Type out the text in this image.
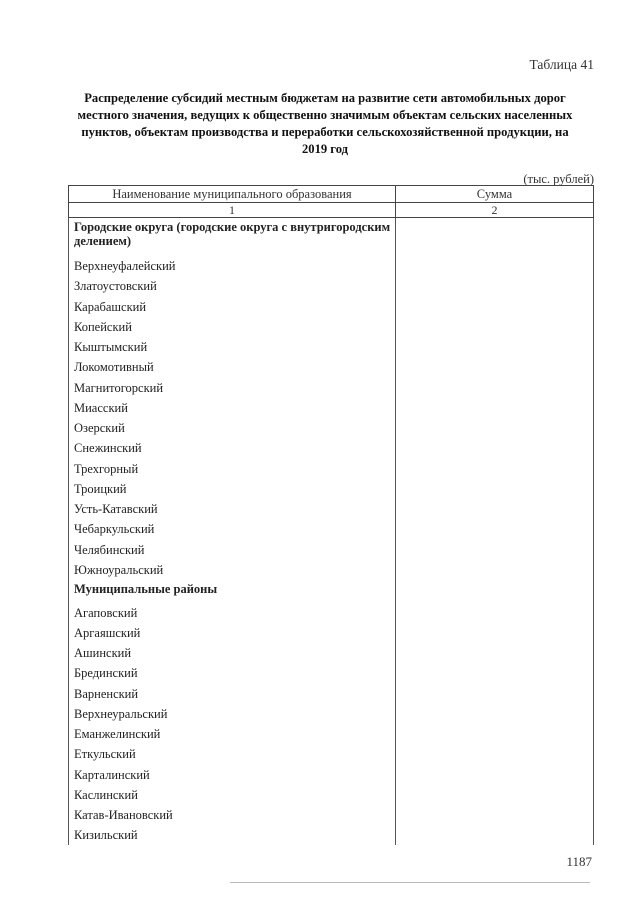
Таблица 41
Распределение субсидий местным бюджетам на развитие сети автомобильных дорог местного значения, ведущих к общественно значимым объектам сельских населенных пунктов, объектам производства и переработки сельскохозяйственной продукции, на 2019 год
(тыс. рублей)
Наименование муниципального образования	Сумма
1	2
Городские округа (городские округа с внутригородским делением)	
Верхнеуфалейский	
Златоустовский	
Карабашский	
Копейский	
Кыштымский	
Локомотивный	
Магнитогорский	
Миасский	
Озерский	
Снежинский	
Трехгорный	
Троицкий	
Усть-Катавский	
Чебаркульский	
Челябинский	
Южноуральский	
Муниципальные районы	
Агаповский	
Аргаяшский	
Ашинский	
Брединский	
Варненский	
Верхнеуральский	
Еманжелинский	
Еткульский	
Карталинский	
Каслинский	
Катав-Ивановский	
Кизильский	
1187
